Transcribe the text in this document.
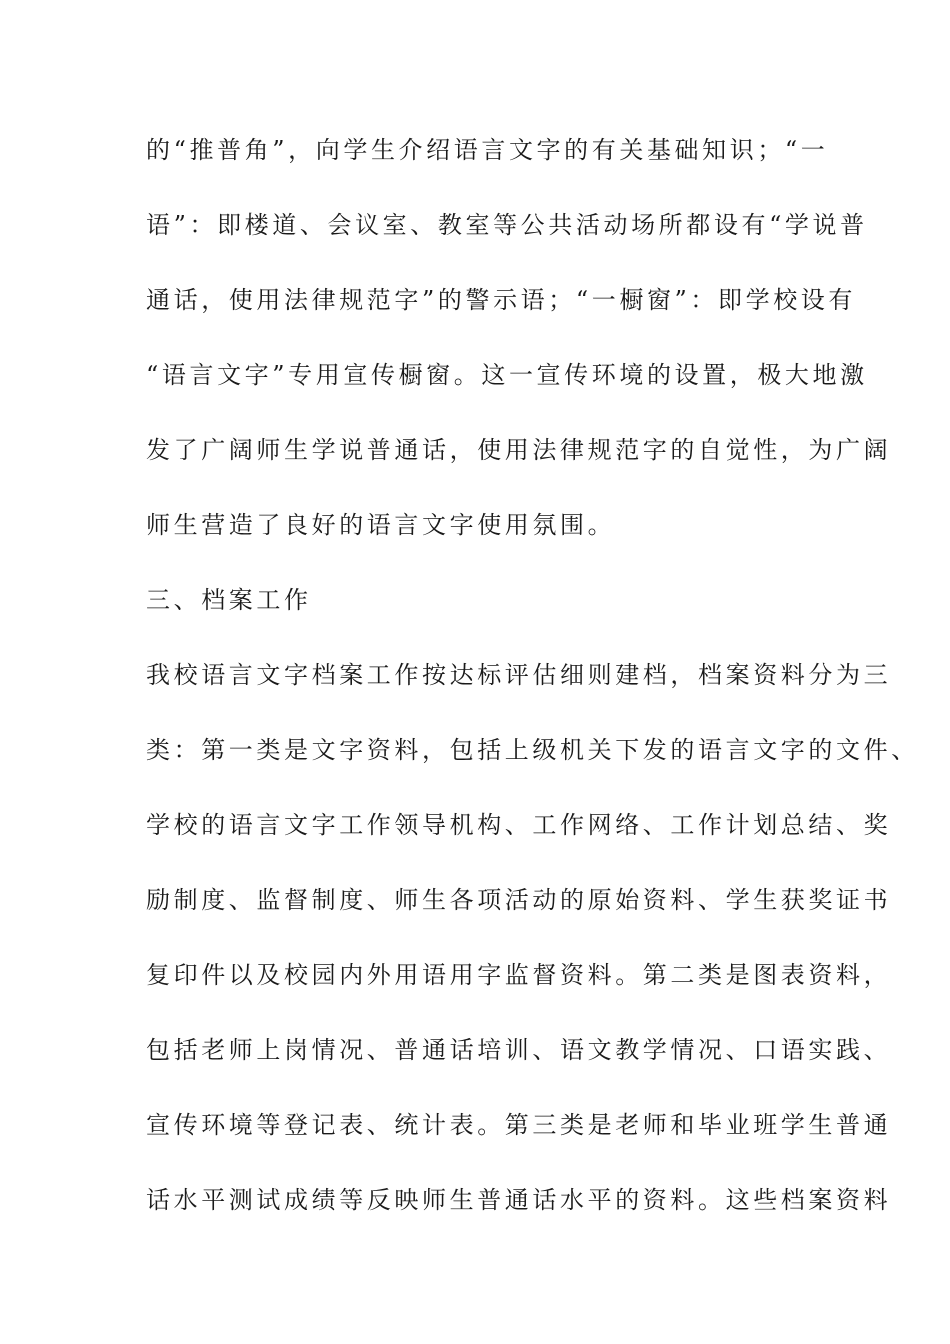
的“推普角”，向学生介绍语言文字的有关基础知识；“一
语”：即楼道、会议室、教室等公共活动场所都设有“学说普
通话，使用法律规范字”的警示语；“一橱窗”：即学校设有
“语言文字”专用宣传橱窗。这一宣传环境的设置，极大地激
发了广阔师生学说普通话，使用法律规范字的自觉性，为广阔
师生营造了良好的语言文字使用氛围。
三、档案工作
我校语言文字档案工作按达标评估细则建档，档案资料分为三
类：第一类是文字资料，包括上级机关下发的语言文字的文件、
学校的语言文字工作领导机构、工作网络、工作计划总结、奖
励制度、监督制度、师生各项活动的原始资料、学生获奖证书
复印件以及校园内外用语用字监督资料。第二类是图表资料，
包括老师上岗情况、普通话培训、语文教学情况、口语实践、
宣传环境等登记表、统计表。第三类是老师和毕业班学生普通
话水平测试成绩等反映师生普通话水平的资料。这些档案资料
